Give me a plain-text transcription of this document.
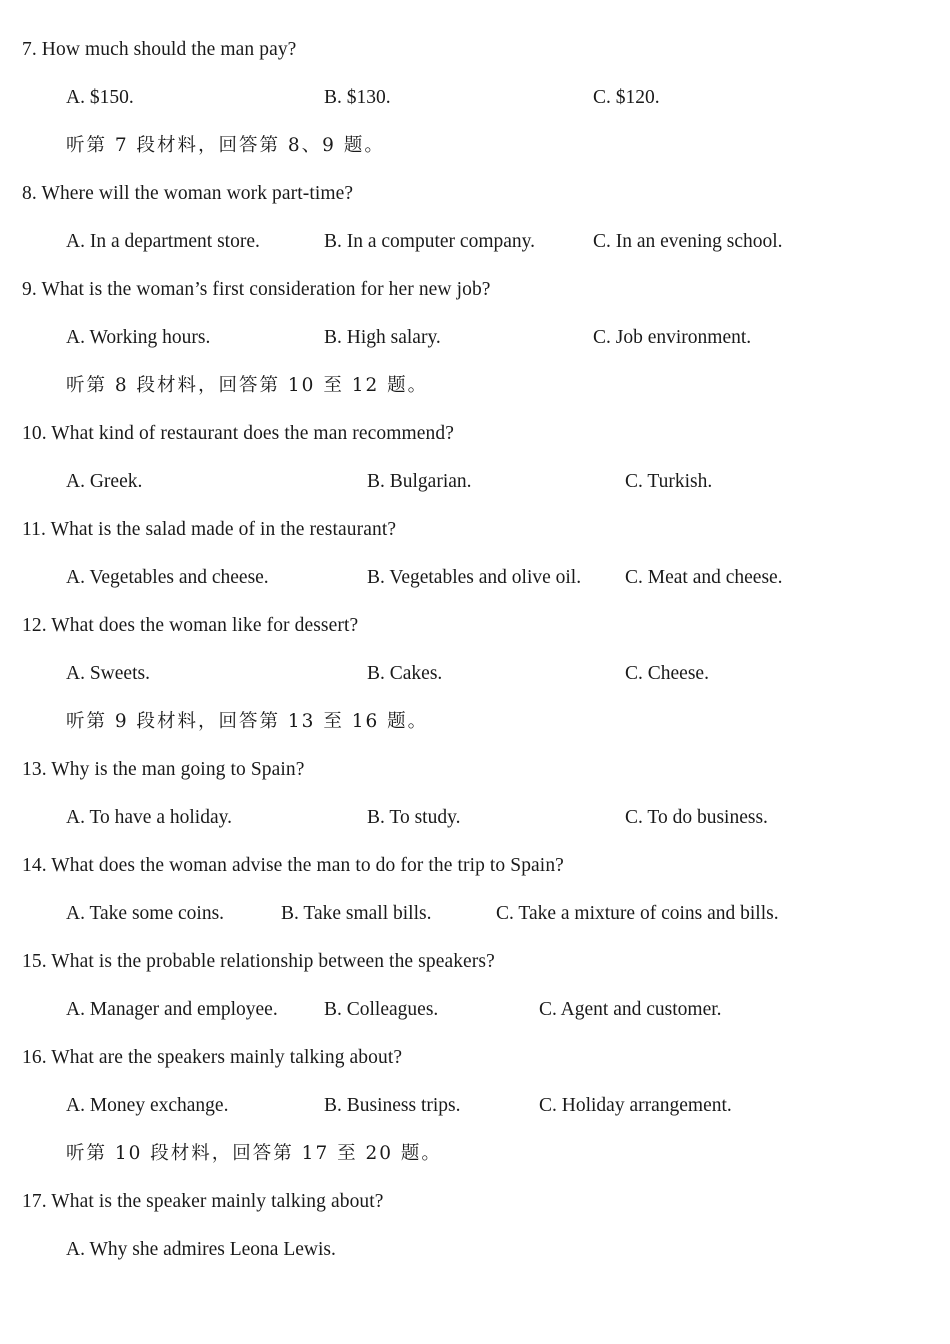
7. How much should the man pay?
A. $150.	B. $130.	C. $120.
听第 7 段材料，回答第 8、9 题。
8. Where will the woman work part-time?
A. In a department store.	B. In a computer company.	C. In an evening school.
9. What is the woman’s first consideration for her new job?
A. Working hours.	B. High salary.	C. Job environment.
听第 8 段材料，回答第 10 至 12 题。
10. What kind of restaurant does the man recommend?
A. Greek.	B. Bulgarian.	C. Turkish.
11. What is the salad made of in the restaurant?
A. Vegetables and cheese.	B. Vegetables and olive oil. C. Meat and cheese.
12. What does the woman like for dessert?
A. Sweets.	B. Cakes.	C. Cheese.
听第 9 段材料，回答第 13 至 16 题。
13. Why is the man going to Spain?
A. To have a holiday.	B. To study.	C. To do business.
14. What does the woman advise the man to do for the trip to Spain?
A. Take some coins.	B. Take small bills.	C. Take a mixture of coins and bills.
15. What is the probable relationship between the speakers?
A. Manager and employee. B. Colleagues.	C. Agent and customer.
16. What are the speakers mainly talking about?
A. Money exchange.	B. Business trips.	C. Holiday arrangement.
听第 10 段材料，回答第 17 至 20 题。
17. What is the speaker mainly talking about?
A. Why she admires Leona Lewis.
